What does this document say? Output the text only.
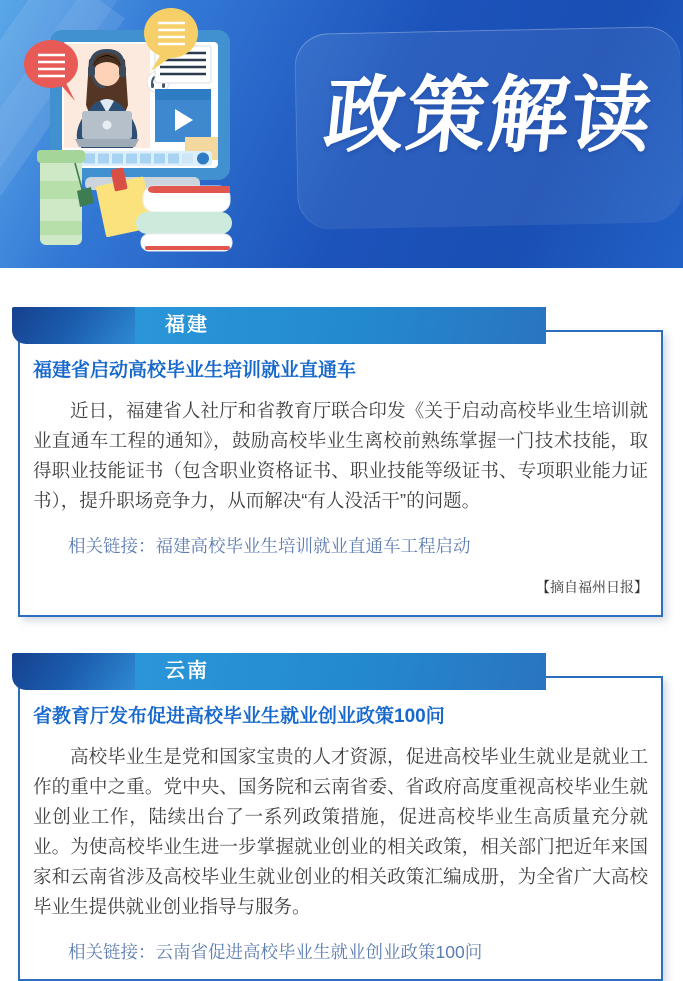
政策解读
福建
福建省启动高校毕业生培训就业直通车
近日，福建省人社厅和省教育厅联合印发《关于启动高校毕业生培训就业直通车工程的通知》，鼓励高校毕业生离校前熟练掌握一门技术技能，取得职业技能证书（包含职业资格证书、职业技能等级证书、专项职业能力证书），提升职场竞争力，从而解决“有人没活干”的问题。
相关链接：福建高校毕业生培训就业直通车工程启动
【摘自福州日报】
云南
省教育厅发布促进高校毕业生就业创业政策100问
高校毕业生是党和国家宝贵的人才资源，促进高校毕业生就业是就业工作的重中之重。党中央、国务院和云南省委、省政府高度重视高校毕业生就业创业工作，陆续出台了一系列政策措施，促进高校毕业生高质量充分就业。为使高校毕业生进一步掌握就业创业的相关政策，相关部门把近年来国家和云南省涉及高校毕业生就业创业的相关政策汇编成册，为全省广大高校毕业生提供就业创业指导与服务。
相关链接：云南省促进高校毕业生就业创业政策100问
